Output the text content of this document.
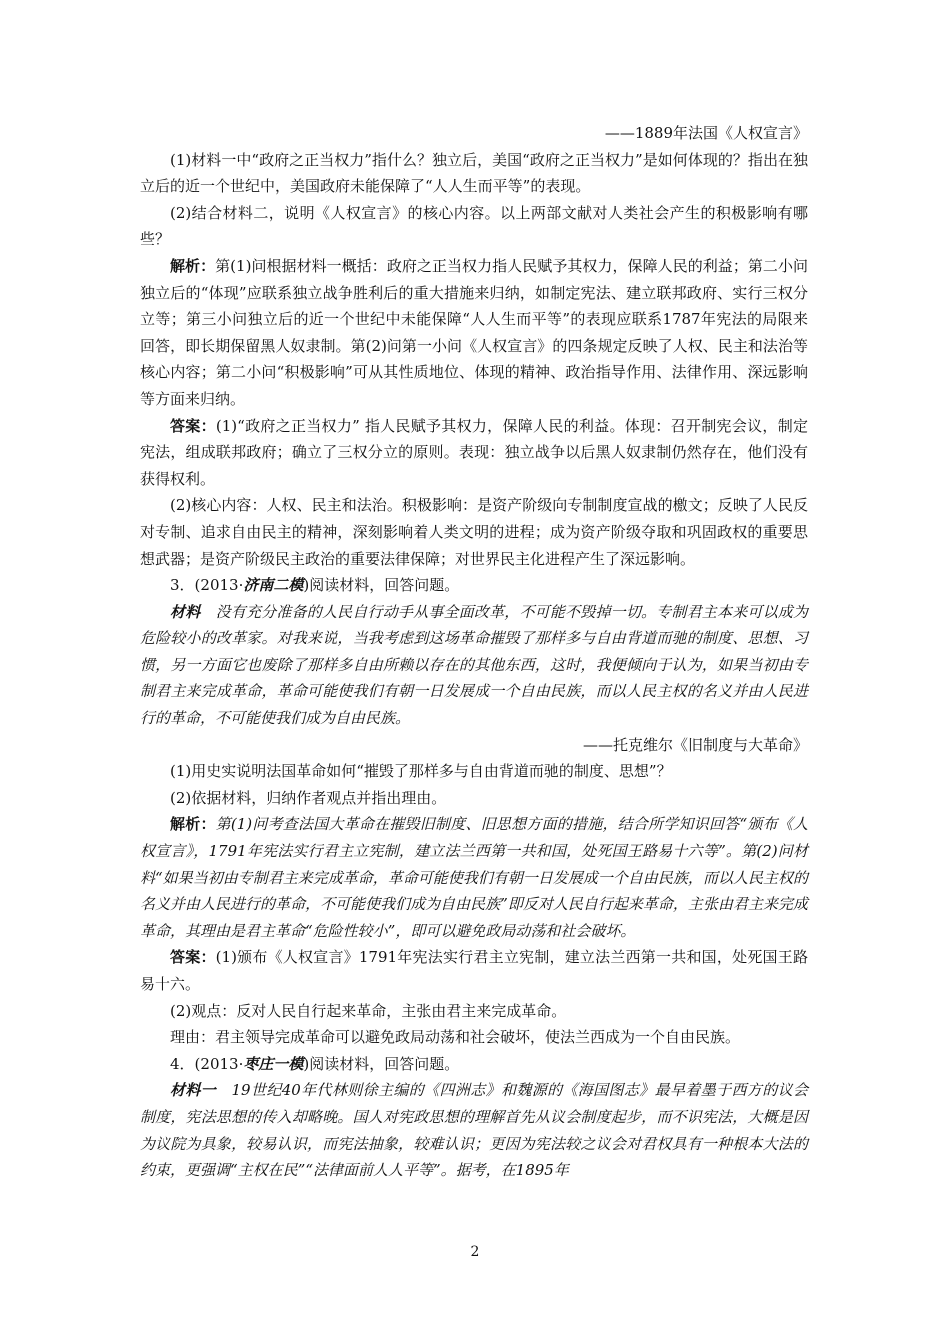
——1889年法国《人权宣言》

(1)材料一中“政府之正当权力”指什么？独立后，美国“政府之正当权力”是如何体现的？指出在独立后的近一个世纪中，美国政府未能保障了“人人生而平等”的表现。

(2)结合材料二，说明《人权宣言》的核心内容。以上两部文献对人类社会产生的积极影响有哪些？

解析：第(1)问根据材料一概括：政府之正当权力指人民赋予其权力，保障人民的利益；第二小问独立后的“体现”应联系独立战争胜利后的重大措施来归纳，如制定宪法、建立联邦政府、实行三权分立等；第三小问独立后的近一个世纪中未能保障“人人生而平等”的表现应联系1787年宪法的局限来回答，即长期保留黑人奴隶制。第(2)问第一小问《人权宣言》的四条规定反映了人权、民主和法治等核心内容；第二小问“积极影响”可从其性质地位、体现的精神、政治指导作用、法律作用、深远影响等方面来归纳。

答案：(1)“政府之正当权力” 指人民赋予其权力，保障人民的利益。体现：召开制宪会议，制定宪法，组成联邦政府；确立了三权分立的原则。表现：独立战争以后黑人奴隶制仍然存在，他们没有获得权利。

(2)核心内容：人权、民主和法治。积极影响：是资产阶级向专制制度宣战的檄文；反映了人民反对专制、追求自由民主的精神，深刻影响着人类文明的进程；成为资产阶级夺取和巩固政权的重要思想武器；是资产阶级民主政治的重要法律保障；对世界民主化进程产生了深远影响。

3．(2013·济南二模)阅读材料，回答问题。

材料　没有充分准备的人民自行动手从事全面改革，不可能不毁掉一切。专制君主本来可以成为危险较小的改革家。对我来说，当我考虑到这场革命摧毁了那样多与自由背道而驰的制度、思想、习惯，另一方面它也废除了那样多自由所赖以存在的其他东西，这时，我便倾向于认为，如果当初由专制君主来完成革命，革命可能使我们有朝一日发展成一个自由民族，而以人民主权的名义并由人民进行的革命，不可能使我们成为自由民族。

——托克维尔《旧制度与大革命》

(1)用史实说明法国革命如何“摧毁了那样多与自由背道而驰的制度、思想”？

(2)依据材料，归纳作者观点并指出理由。

解析：第(1)问考查法国大革命在摧毁旧制度、旧思想方面的措施，结合所学知识回答“颁布《人权宣言》，1791年宪法实行君主立宪制，建立法兰西第一共和国，处死国王路易十六等”。第(2)问材料“如果当初由专制君主来完成革命，革命可能使我们有朝一日发展成一个自由民族，而以人民主权的名义并由人民进行的革命，不可能使我们成为自由民族”即反对人民自行起来革命，主张由君主来完成革命，其理由是君主革命“危险性较小”，即可以避免政局动荡和社会破坏。

答案：(1)颁布《人权宣言》1791年宪法实行君主立宪制，建立法兰西第一共和国，处死国王路易十六。

(2)观点：反对人民自行起来革命，主张由君主来完成革命。

理由：君主领导完成革命可以避免政局动荡和社会破坏，使法兰西成为一个自由民族。

4．(2013·枣庄一模)阅读材料，回答问题。

材料一　19世纪40年代林则徐主编的《四洲志》和魏源的《海国图志》最早着墨于西方的议会制度，宪法思想的传入却略晚。国人对宪政思想的理解首先从议会制度起步，而不识宪法，大概是因为议院为具象，较易认识，而宪法抽象，较难认识；更因为宪法较之议会对君权具有一种根本大法的约束，更强调“主权在民”“法律面前人人平等”。据考，在1895年

2
